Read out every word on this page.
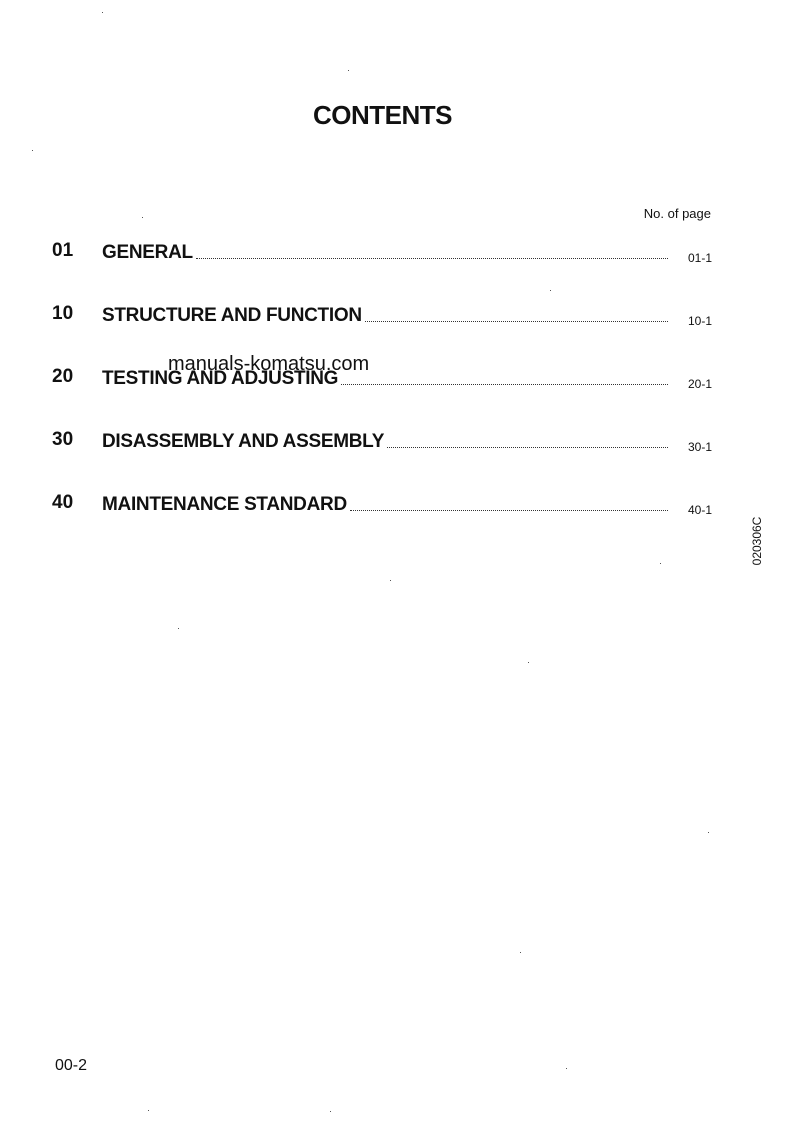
CONTENTS
No. of page
01 GENERAL	01-1
10 STRUCTURE AND FUNCTION	10-1
20 TESTING AND ADJUSTING	20-1
30 DISASSEMBLY AND ASSEMBLY	30-1
40 MAINTENANCE STANDARD	40-1
manuals-komatsu.com
020306C
00-2
